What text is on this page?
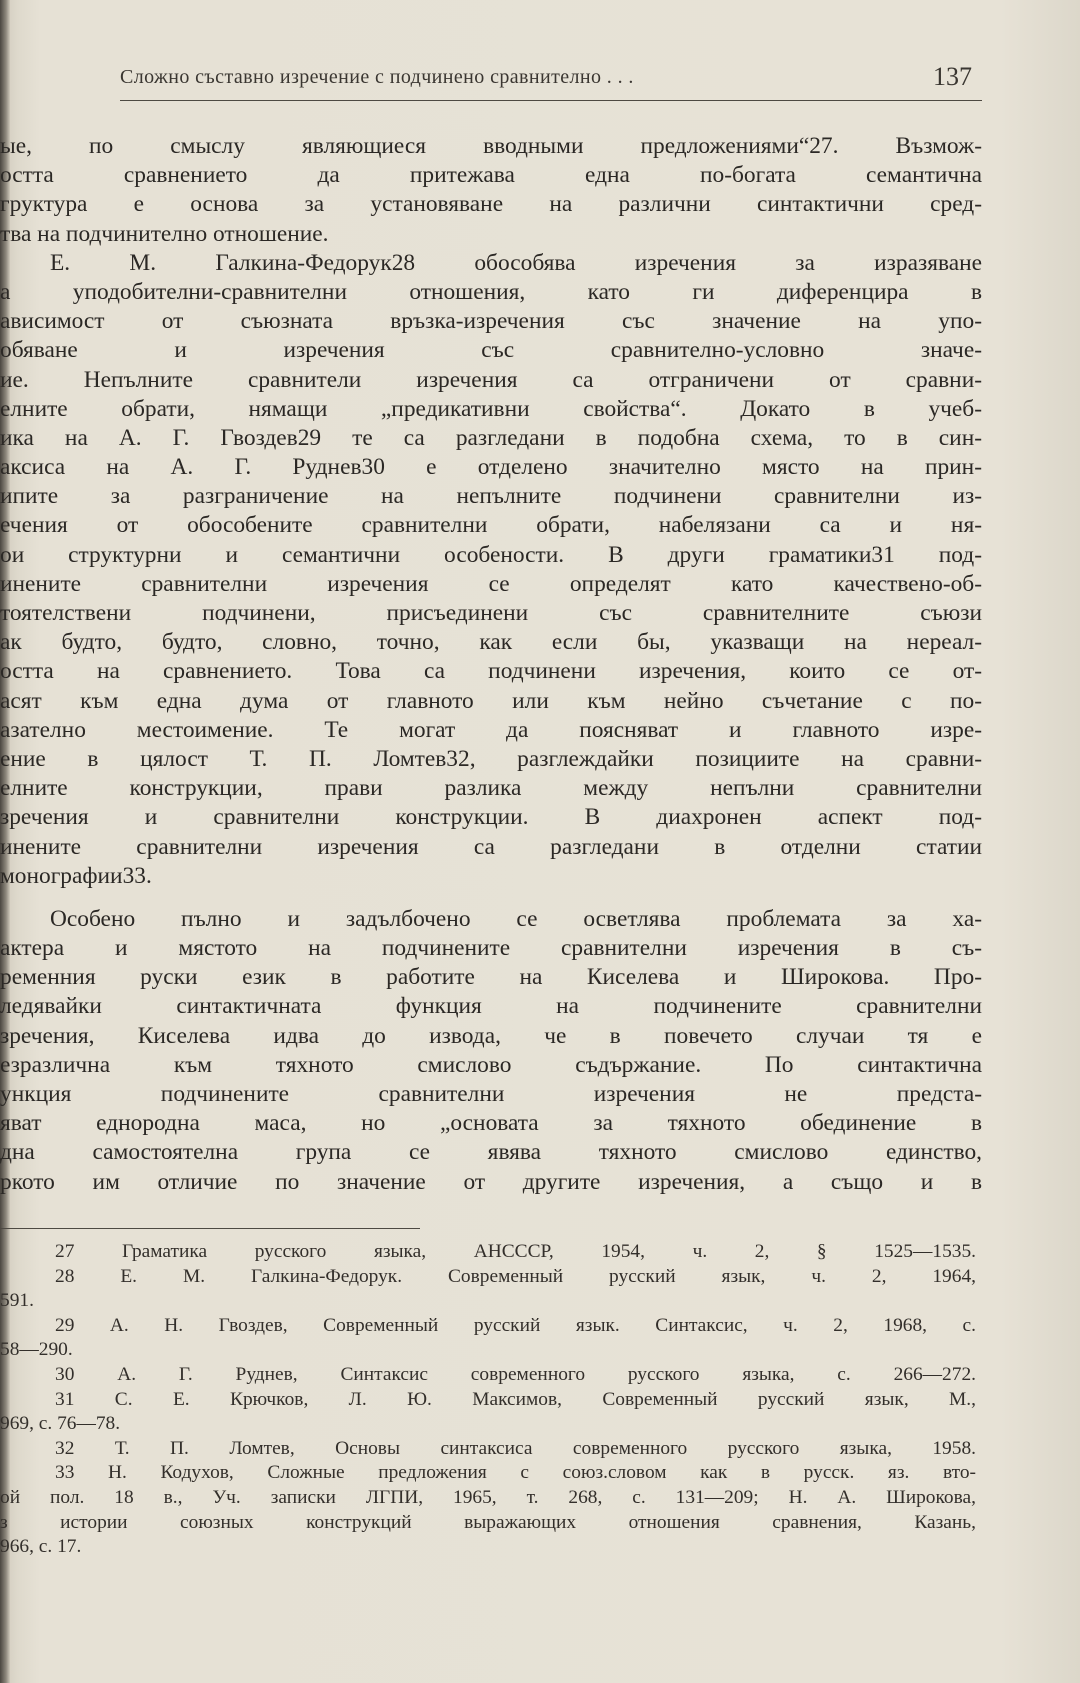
Сложно съставно изречение с подчинено сравнително . . .	137
ые, по смыслу являющиеся вводными предложениями“27. Възмож-
остта сравнението да притежава една по-богата семантична
груктура е основа за установяване на различни синтактични сред-
тва на подчинително отношение.
Е. М. Галкина-Федорук28 обособява изречения за изразяване
а уподобителни-сравнителни отношения, като ги диференцира в
ависимост от съюзната връзка-изречения със значение на упо-
обяване и изречения със сравнително-условно значе-
ие. Непълните сравнители изречения са отграничени от сравни-
елните обрати, нямащи „предикативни свойства“. Докато в учеб-
ика на А. Г. Гвоздев29 те са разгледани в подобна схема, то в син-
аксиса на А. Г. Руднев30 е отделено значително място на прин-
ипите за разграничение на непълните подчинени сравнителни из-
ечения от обособените сравнителни обрати, набелязани са и ня-
ои структурни и семантични особености. В други граматики31 под-
инените сравнителни изречения се определят като качествено-об-
тоятелствени подчинени, присъединени със сравнителните съюзи
ак будто, будто, словно, точно, как если бы, указващи на нереал-
остта на сравнението. Това са подчинени изречения, които се от-
асят към една дума от главното или към нейно съчетание с по-
азателно местоимение. Те могат да поясняват и главното изре-
ение в цялост Т. П. Ломтев32, разглеждайки позициите на сравни-
елните конструкции, прави разлика между непълни сравнителни
зречения и сравнителни конструкции. В диахронен аспект под-
инените сравнителни изречения са разгледани в отделни статии
монографии33.
Особено пълно и задълбочено се осветлява проблемата за ха-
актера и мястото на подчинените сравнителни изречения в съ-
ременния руски език в работите на Киселева и Широкова. Про-
ледявайки синтактичната функция на подчинените сравнителни
зречения, Киселева идва до извода, че в повечето случаи тя е
езразлична към тяхното смислово съдържание. По синтактична
ункция подчинените сравнителни изречения не предста-
яват еднородна маса, но „основата за тяхното обединение в
дна самостоятелна група се явява тяхното смислово единство,
ркото им отличие по значение от другите изречения, а също и в
27 Граматика русского языка, АНСССР, 1954, ч. 2, § 1525—1535.
28 Е. М. Галкина-Федорук. Современный русский язык, ч. 2, 1964,
591.
29 А. Н. Гвоздев, Современный русский язык. Синтаксис, ч. 2, 1968, с.
58—290.
30 А. Г. Руднев, Синтаксис современного русского языка, с. 266—272.
31 С. Е. Крючков, Л. Ю. Максимов, Современный русский язык, М.,
969, с. 76—78.
32 Т. П. Ломтев, Основы синтаксиса современного русского языка, 1958.
33 Н. Кодухов, Сложные предложения с союз.словом как в русск. яз. вто-
ой пол. 18 в., Уч. записки ЛГПИ, 1965, т. 268, с. 131—209; Н. А. Широкова,
з истории союзных конструкций выражающих отношения сравнения, Казань,
966, с. 17.
